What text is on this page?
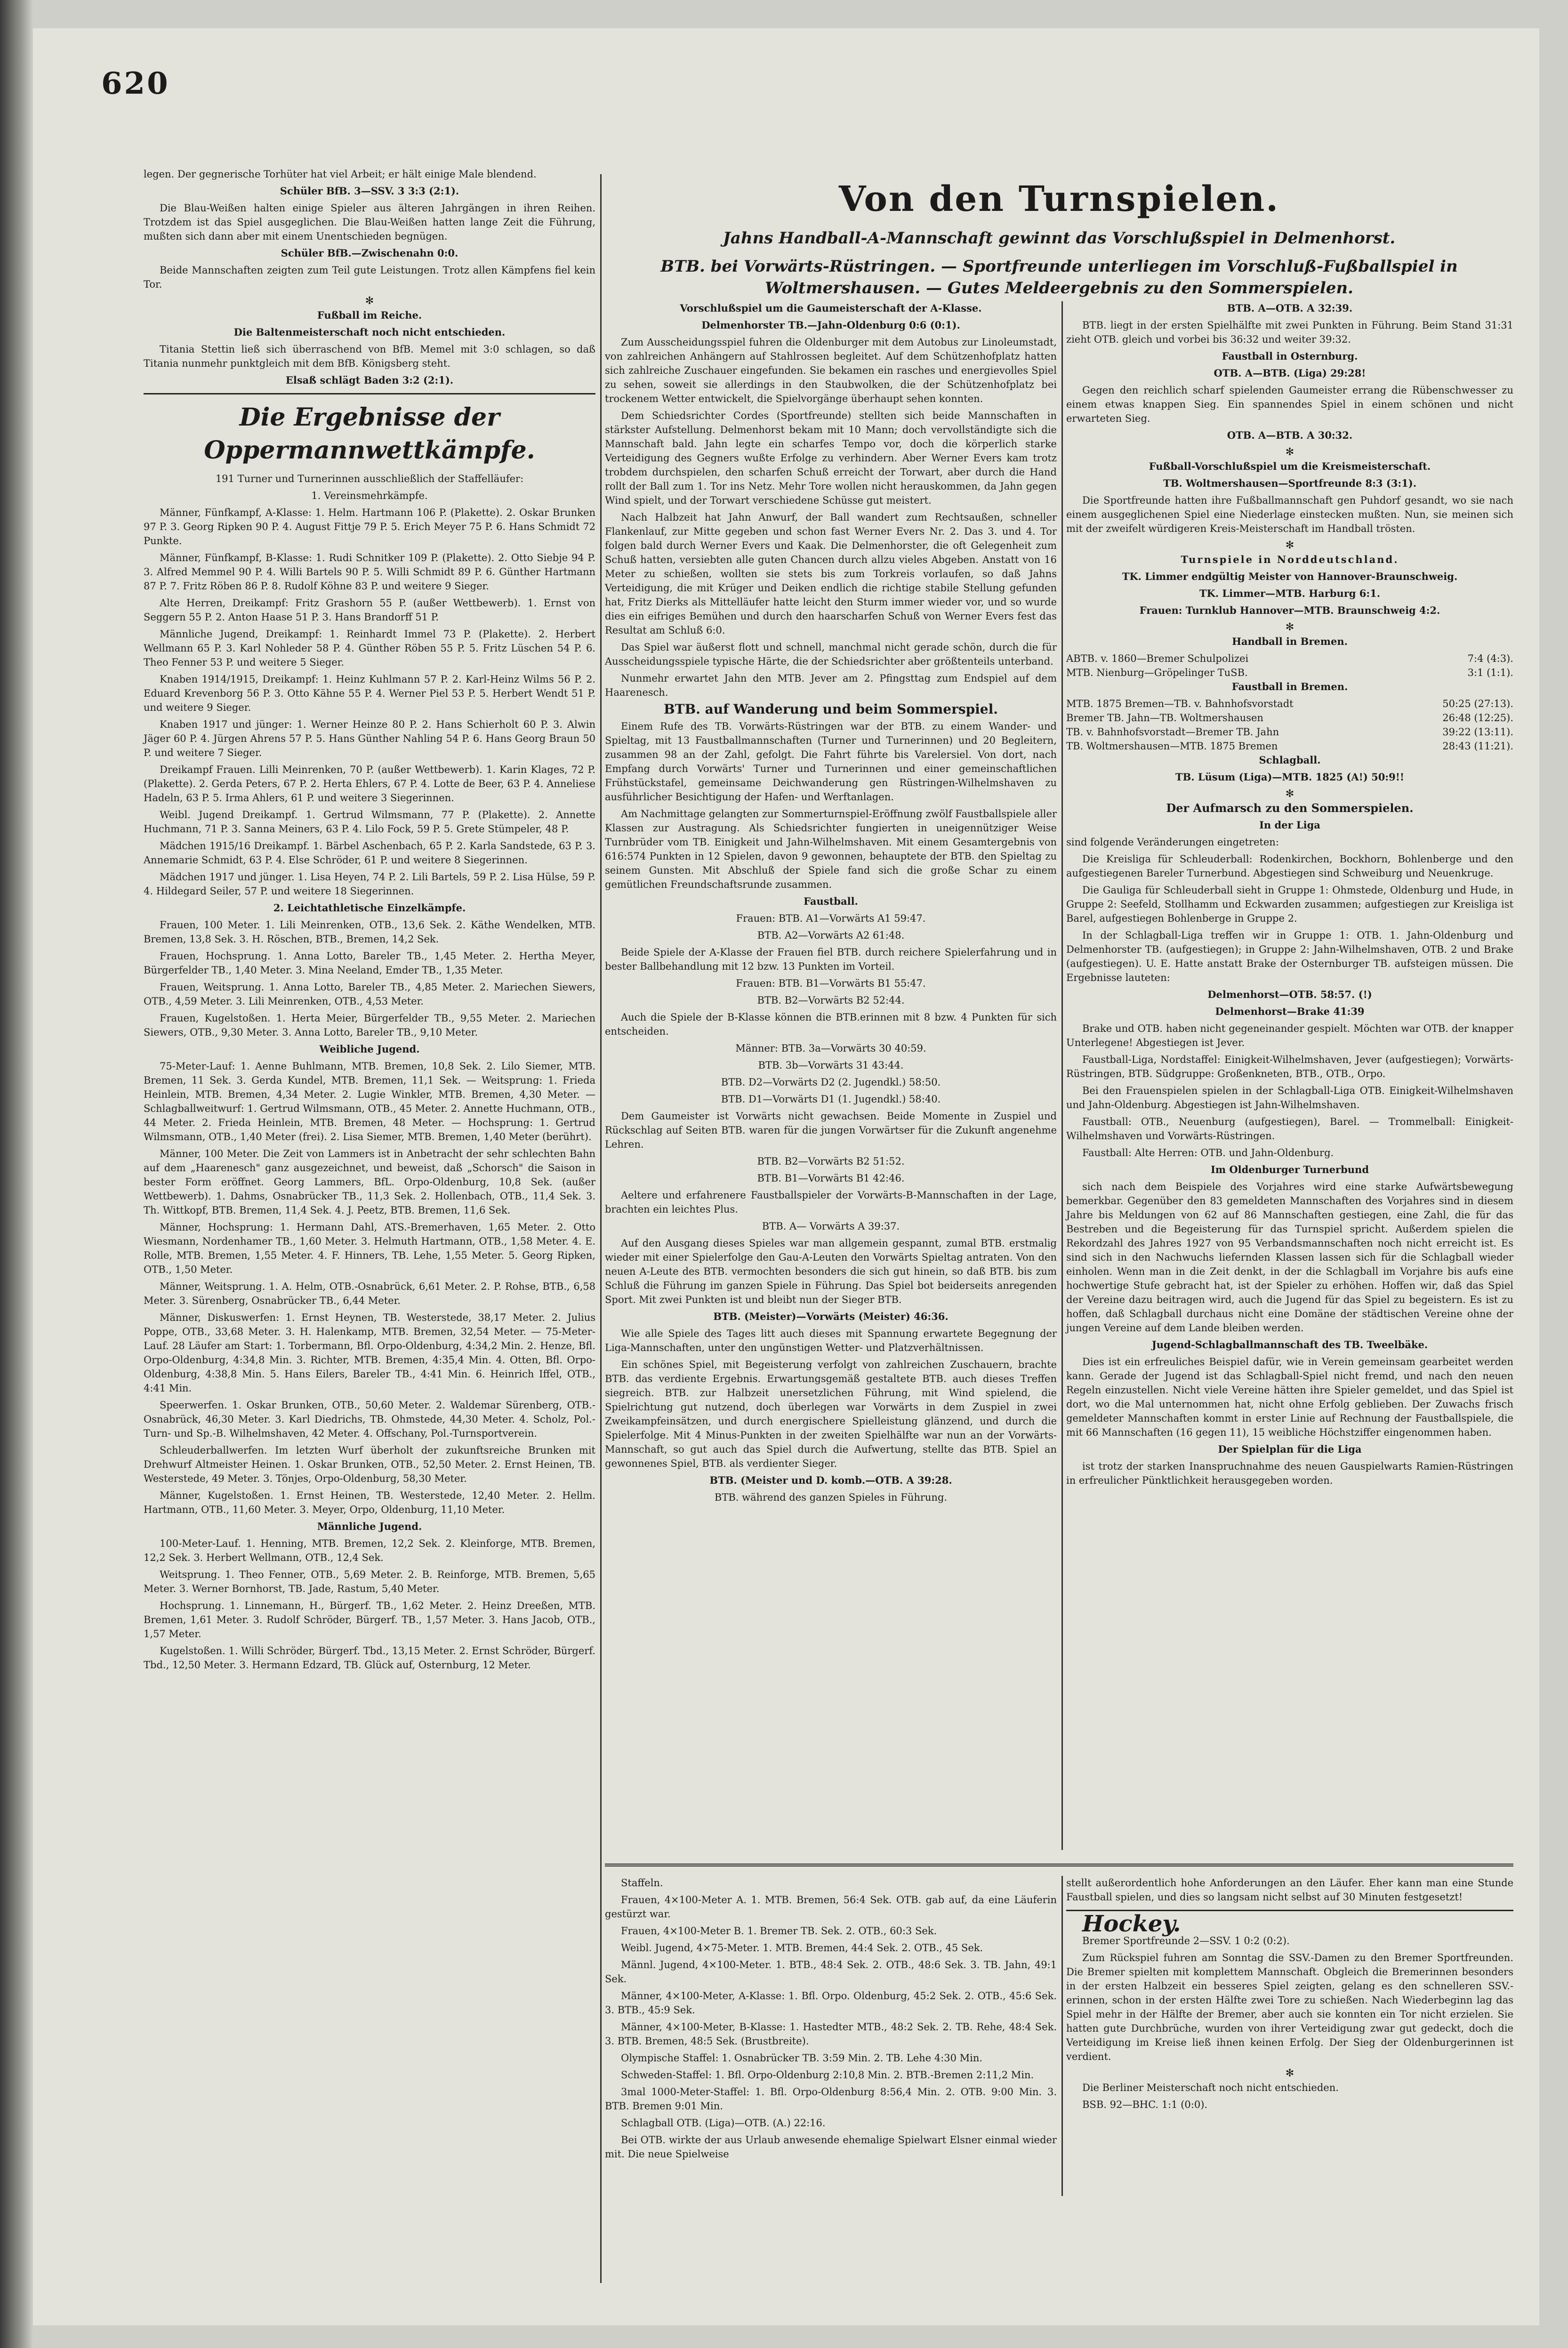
620

legen. Der gegnerische Torhüter hat viel Arbeit; er hält einige Male blendend.

Schüler BfB. 3—SSV. 3 3:3 (2:1).

Die Blau-Weißen halten einige Spieler aus älteren Jahrgängen in ihren Reihen. Trotzdem ist das Spiel ausgeglichen. Die Blau-Weißen hatten lange Zeit die Führung, mußten sich dann aber mit einem Unentschieden begnügen.

Schüler BfB.—Zwischenahn 0:0.

Beide Mannschaften zeigten zum Teil gute Leistungen. Trotz allen Kämpfens fiel kein Tor.

✻

Fußball im Reiche.

Die Baltenmeisterschaft noch nicht entschieden.

Titania Stettin ließ sich überraschend von BfB. Memel mit 3:0 schlagen, so daß Titania nunmehr punktgleich mit dem BfB. Königsberg steht.

Elsaß schlägt Baden 3:2 (2:1).

Die Ergebnisse der Oppermannwettkämpfe.

191 Turner und Turnerinnen ausschließlich der Staffelläufer:

1. Vereinsmehrkämpfe.

Männer, Fünfkampf, A-Klasse: 1. Helm. Hartmann 106 P. (Plakette). 2. Oskar Brunken 97 P. 3. Georg Ripken 90 P. 4. August Fittje 79 P. 5. Erich Meyer 75 P. 6. Hans Schmidt 72 Punkte.

Männer, Fünfkampf, B-Klasse: 1. Rudi Schnitker 109 P. (Plakette). 2. Otto Siebje 94 P. 3. Alfred Memmel 90 P. 4. Willi Bartels 90 P. 5. Willi Schmidt 89 P. 6. Günther Hartmann 87 P. 7. Fritz Röben 86 P. 8. Rudolf Köhne 83 P. und weitere 9 Sieger.

Alte Herren, Dreikampf: Fritz Grashorn 55 P. (außer Wettbewerb). 1. Ernst von Seggern 55 P. 2. Anton Haase 51 P. 3. Hans Brandorff 51 P.

Männliche Jugend, Dreikampf: 1. Reinhardt Immel 73 P. (Plakette). 2. Herbert Wellmann 65 P. 3. Karl Nohleder 58 P. 4. Günther Röben 55 P. 5. Fritz Lüschen 54 P. 6. Theo Fenner 53 P. und weitere 5 Sieger.

Knaben 1914/1915, Dreikampf: 1. Heinz Kuhlmann 57 P. 2. Karl-Heinz Wilms 56 P. 2. Eduard Krevenborg 56 P. 3. Otto Kähne 55 P. 4. Werner Piel 53 P. 5. Herbert Wendt 51 P. und weitere 9 Sieger.

Knaben 1917 und jünger: 1. Werner Heinze 80 P. 2. Hans Schierholt 60 P. 3. Alwin Jäger 60 P. 4. Jürgen Ahrens 57 P. 5. Hans Günther Nahling 54 P. 6. Hans Georg Braun 50 P. und weitere 7 Sieger.

Dreikampf Frauen. Lilli Meinrenken, 70 P. (außer Wettbewerb). 1. Karin Klages, 72 P. (Plakette). 2. Gerda Peters, 67 P. 2. Herta Ehlers, 67 P. 4. Lotte de Beer, 63 P. 4. Anneliese Hadeln, 63 P. 5. Irma Ahlers, 61 P. und weitere 3 Siegerinnen.

Weibl. Jugend Dreikampf. 1. Gertrud Wilmsmann, 77 P. (Plakette). 2. Annette Huchmann, 71 P. 3. Sanna Meiners, 63 P. 4. Lilo Fock, 59 P. 5. Grete Stümpeler, 48 P.

Mädchen 1915/16 Dreikampf. 1. Bärbel Aschenbach, 65 P. 2. Karla Sandstede, 63 P. 3. Annemarie Schmidt, 63 P. 4. Else Schröder, 61 P. und weitere 8 Siegerinnen.

Mädchen 1917 und jünger. 1. Lisa Heyen, 74 P. 2. Lili Bartels, 59 P. 2. Lisa Hülse, 59 P. 4. Hildegard Seiler, 57 P. und weitere 18 Siegerinnen.

2. Leichtathletische Einzelkämpfe.

Frauen, 100 Meter. 1. Lili Meinrenken, OTB., 13,6 Sek. 2. Käthe Wendelken, MTB. Bremen, 13,8 Sek. 3. H. Röschen, BTB., Bremen, 14,2 Sek.

Frauen, Hochsprung. 1. Anna Lotto, Bareler TB., 1,45 Meter. 2. Hertha Meyer, Bürgerfelder TB., 1,40 Meter. 3. Mina Neeland, Emder TB., 1,35 Meter.

Frauen, Weitsprung. 1. Anna Lotto, Bareler TB., 4,85 Meter. 2. Mariechen Siewers, OTB., 4,59 Meter. 3. Lili Meinrenken, OTB., 4,53 Meter.

Frauen, Kugelstoßen. 1. Herta Meier, Bürgerfelder TB., 9,55 Meter. 2. Mariechen Siewers, OTB., 9,30 Meter. 3. Anna Lotto, Bareler TB., 9,10 Meter.

Weibliche Jugend.

75-Meter-Lauf: 1. Aenne Buhlmann, MTB. Bremen, 10,8 Sek. 2. Lilo Siemer, MTB. Bremen, 11 Sek. 3. Gerda Kundel, MTB. Bremen, 11,1 Sek. — Weitsprung: 1. Frieda Heinlein, MTB. Bremen, 4,34 Meter. 2. Lugie Winkler, MTB. Bremen, 4,30 Meter. — Schlagballweitwurf: 1. Gertrud Wilmsmann, OTB., 45 Meter. 2. Annette Huchmann, OTB., 44 Meter. 2. Frieda Heinlein, MTB. Bremen, 48 Meter. — Hochsprung: 1. Gertrud Wilmsmann, OTB., 1,40 Meter (frei). 2. Lisa Siemer, MTB. Bremen, 1,40 Meter (berührt).

Männer, 100 Meter. Die Zeit von Lammers ist in Anbetracht der sehr schlechten Bahn auf dem „Haarenesch" ganz ausgezeichnet, und beweist, daß „Schorsch" die Saison in bester Form eröffnet. Georg Lammers, BfL. Orpo-Oldenburg, 10,8 Sek. (außer Wettbewerb). 1. Dahms, Osnabrücker TB., 11,3 Sek. 2. Hollenbach, OTB., 11,4 Sek. 3. Th. Wittkopf, BTB. Bremen, 11,4 Sek. 4. J. Peetz, BTB. Bremen, 11,6 Sek.

Männer, Hochsprung: 1. Hermann Dahl, ATS.-Bremerhaven, 1,65 Meter. 2. Otto Wiesmann, Nordenhamer TB., 1,60 Meter. 3. Helmuth Hartmann, OTB., 1,58 Meter. 4. E. Rolle, MTB. Bremen, 1,55 Meter. 4. F. Hinners, TB. Lehe, 1,55 Meter. 5. Georg Ripken, OTB., 1,50 Meter.

Männer, Weitsprung. 1. A. Helm, OTB.-Osnabrück, 6,61 Meter. 2. P. Rohse, BTB., 6,58 Meter. 3. Sürenberg, Osnabrücker TB., 6,44 Meter.

Männer, Diskuswerfen: 1. Ernst Heynen, TB. Westerstede, 38,17 Meter. 2. Julius Poppe, OTB., 33,68 Meter. 3. H. Halenkamp, MTB. Bremen, 32,54 Meter. — 75-Meter-Lauf. 28 Läufer am Start: 1. Torbermann, Bfl. Orpo-Oldenburg, 4:34,2 Min. 2. Henze, Bfl. Orpo-Oldenburg, 4:34,8 Min. 3. Richter, MTB. Bremen, 4:35,4 Min. 4. Otten, Bfl. Orpo-Oldenburg, 4:38,8 Min. 5. Hans Eilers, Bareler TB., 4:41 Min. 6. Heinrich Iffel, OTB., 4:41 Min.

Speerwerfen. 1. Oskar Brunken, OTB., 50,60 Meter. 2. Waldemar Sürenberg, OTB.-Osnabrück, 46,30 Meter. 3. Karl Diedrichs, TB. Ohmstede, 44,30 Meter. 4. Scholz, Pol.-Turn- und Sp.-B. Wilhelmshaven, 42 Meter. 4. Offschany, Pol.-Turnsportverein.

Schleuderballwerfen. Im letzten Wurf überholt der zukunftsreiche Brunken mit Drehwurf Altmeister Heinen. 1. Oskar Brunken, OTB., 52,50 Meter. 2. Ernst Heinen, TB. Westerstede, 49 Meter. 3. Tönjes, Orpo-Oldenburg, 58,30 Meter.

Männer, Kugelstoßen. 1. Ernst Heinen, TB. Westerstede, 12,40 Meter. 2. Hellm. Hartmann, OTB., 11,60 Meter. 3. Meyer, Orpo, Oldenburg, 11,10 Meter.

Männliche Jugend.

100-Meter-Lauf. 1. Henning, MTB. Bremen, 12,2 Sek. 2. Kleinforge, MTB. Bremen, 12,2 Sek. 3. Herbert Wellmann, OTB., 12,4 Sek.

Weitsprung. 1. Theo Fenner, OTB., 5,69 Meter. 2. B. Reinforge, MTB. Bremen, 5,65 Meter. 3. Werner Bornhorst, TB. Jade, Rastum, 5,40 Meter.

Hochsprung. 1. Linnemann, H., Bürgerf. TB., 1,62 Meter. 2. Heinz Dreeßen, MTB. Bremen, 1,61 Meter. 3. Rudolf Schröder, Bürgerf. TB., 1,57 Meter. 3. Hans Jacob, OTB., 1,57 Meter.

Kugelstoßen. 1. Willi Schröder, Bürgerf. Tbd., 13,15 Meter. 2. Ernst Schröder, Bürgerf. Tbd., 12,50 Meter. 3. Hermann Edzard, TB. Glück auf, Osternburg, 12 Meter.

Von den Turnspielen.
Jahns Handball-A-Mannschaft gewinnt das Vorschlußspiel in Delmenhorst.
BTB. bei Vorwärts-Rüstringen. — Sportfreunde unterliegen im Vorschluß-Fußballspiel in Woltmershausen. — Gutes Meldeergebnis zu den Sommerspielen.

Vorschlußspiel um die Gaumeisterschaft der A-Klasse.

Delmenhorster TB.—Jahn-Oldenburg 0:6 (0:1).

Zum Ausscheidungsspiel fuhren die Oldenburger mit dem Autobus zur Linoleumstadt, von zahlreichen Anhängern auf Stahlrossen begleitet. Auf dem Schützenhofplatz hatten sich zahlreiche Zuschauer eingefunden. Sie bekamen ein rasches und energievolles Spiel zu sehen, soweit sie allerdings in den Staubwolken, die der Schützenhofplatz bei trockenem Wetter entwickelt, die Spielvorgänge überhaupt sehen konnten.

Dem Schiedsrichter Cordes (Sportfreunde) stellten sich beide Mannschaften in stärkster Aufstellung. Delmenhorst bekam mit 10 Mann; doch vervollständigte sich die Mannschaft bald. Jahn legte ein scharfes Tempo vor, doch die körperlich starke Verteidigung des Gegners wußte Erfolge zu verhindern. Aber Werner Evers kam trotz trobdem durchspielen, den scharfen Schuß erreicht der Torwart, aber durch die Hand rollt der Ball zum 1. Tor ins Netz. Mehr Tore wollen nicht herauskommen, da Jahn gegen Wind spielt, und der Torwart verschiedene Schüsse gut meistert.

Nach Halbzeit hat Jahn Anwurf, der Ball wandert zum Rechtsaußen, schneller Flankenlauf, zur Mitte gegeben und schon fast Werner Evers Nr. 2. Das 3. und 4. Tor folgen bald durch Werner Evers und Kaak. Die Delmenhorster, die oft Gelegenheit zum Schuß hatten, versiebten alle guten Chancen durch allzu vieles Abgeben. Anstatt von 16 Meter zu schießen, wollten sie stets bis zum Torkreis vorlaufen, so daß Jahns Verteidigung, die mit Krüger und Deiken endlich die richtige stabile Stellung gefunden hat, Fritz Dierks als Mittelläufer hatte leicht den Sturm immer wieder vor, und so wurde dies ein eifriges Bemühen und durch den haarscharfen Schuß von Werner Evers fest das Resultat am Schluß 6:0.

Das Spiel war äußerst flott und schnell, manchmal nicht gerade schön, durch die für Ausscheidungsspiele typische Härte, die der Schiedsrichter aber größtenteils unterband.

Nunmehr erwartet Jahn den MTB. Jever am 2. Pfingsttag zum Endspiel auf dem Haarenesch.

BTB. auf Wanderung und beim Sommerspiel.

Einem Rufe des TB. Vorwärts-Rüstringen war der BTB. zu einem Wander- und Spieltag, mit 13 Faustballmannschaften (Turner und Turnerinnen) und 20 Begleitern, zusammen 98 an der Zahl, gefolgt. Die Fahrt führte bis Varelersiel. Von dort, nach Empfang durch Vorwärts' Turner und Turnerinnen und einer gemeinschaftlichen Frühstückstafel, gemeinsame Deichwanderung gen Rüstringen-Wilhelmshaven zu ausführlicher Besichtigung der Hafen- und Werftanlagen.

Am Nachmittage gelangten zur Sommerturnspiel-Eröffnung zwölf Faustballspiele aller Klassen zur Austragung. Als Schiedsrichter fungierten in uneigennütziger Weise Turnbrüder vom TB. Einigkeit und Jahn-Wilhelmshaven. Mit einem Gesamtergebnis von 616:574 Punkten in 12 Spielen, davon 9 gewonnen, behauptete der BTB. den Spieltag zu seinem Gunsten. Mit Abschluß der Spiele fand sich die große Schar zu einem gemütlichen Freundschaftsrunde zusammen.

Faustball.

Frauen: BTB. A1—Vorwärts A1 59:47.

BTB. A2—Vorwärts A2 61:48.

Beide Spiele der A-Klasse der Frauen fiel BTB. durch reichere Spielerfahrung und in bester Ballbehandlung mit 12 bzw. 13 Punkten im Vorteil.

Frauen: BTB. B1—Vorwärts B1 55:47.

BTB. B2—Vorwärts B2 52:44.

Auch die Spiele der B-Klasse können die BTB.erinnen mit 8 bzw. 4 Punkten für sich entscheiden.

Männer: BTB. 3a—Vorwärts 30 40:59.

BTB. 3b—Vorwärts 31 43:44.

BTB. D2—Vorwärts D2 (2. Jugendkl.) 58:50.

BTB. D1—Vorwärts D1 (1. Jugendkl.) 58:40.

Dem Gaumeister ist Vorwärts nicht gewachsen. Beide Momente in Zuspiel und Rückschlag auf Seiten BTB. waren für die jungen Vorwärtser für die Zukunft angenehme Lehren.

BTB. B2—Vorwärts B2 51:52.

BTB. B1—Vorwärts B1 42:46.

Aeltere und erfahrenere Faustballspieler der Vorwärts-B-Mannschaften in der Lage, brachten ein leichtes Plus.

BTB. A— Vorwärts A 39:37.

Auf den Ausgang dieses Spieles war man allgemein gespannt, zumal BTB. erstmalig wieder mit einer Spielerfolge den Gau-A-Leuten den Vorwärts Spieltag antraten. Von den neuen A-Leute des BTB. vermochten besonders die sich gut hinein, so daß BTB. bis zum Schluß die Führung im ganzen Spiele in Führung. Das Spiel bot beiderseits anregenden Sport. Mit zwei Punkten ist und bleibt nun der Sieger BTB.

BTB. (Meister)—Vorwärts (Meister) 46:36.

Wie alle Spiele des Tages litt auch dieses mit Spannung erwartete Begegnung der Liga-Mannschaften, unter den ungünstigen Wetter- und Platzverhältnissen.

Ein schönes Spiel, mit Begeisterung verfolgt von zahlreichen Zuschauern, brachte BTB. das verdiente Ergebnis. Erwartungsgemäß gestaltete BTB. auch dieses Treffen siegreich. BTB. zur Halbzeit unersetzlichen Führung, mit Wind spielend, die Spielrichtung gut nutzend, doch überlegen war Vorwärts in dem Zuspiel in zwei Zweikampfeinsätzen, und durch energischere Spielleistung glänzend, und durch die Spielerfolge. Mit 4 Minus-Punkten in der zweiten Spielhälfte war nun an der Vorwärts-Mannschaft, so gut auch das Spiel durch die Aufwertung, stellte das BTB. Spiel an gewonnenes Spiel, BTB. als verdienter Sieger.

BTB. (Meister und D. komb.—OTB. A 39:28.

BTB. während des ganzen Spieles in Führung.

BTB. A—OTB. A 32:39.

BTB. liegt in der ersten Spielhälfte mit zwei Punkten in Führung. Beim Stand 31:31 zieht OTB. gleich und vorbei bis 36:32 und weiter 39:32.

Faustball in Osternburg.

OTB. A—BTB. (Liga) 29:28!

Gegen den reichlich scharf spielenden Gaumeister errang die Rübenschwesser zu einem etwas knappen Sieg. Ein spannendes Spiel in einem schönen und nicht erwarteten Sieg.

OTB. A—BTB. A 30:32.

✻

Fußball-Vorschlußspiel um die Kreismeisterschaft.

TB. Woltmershausen—Sportfreunde 8:3 (3:1).

Die Sportfreunde hatten ihre Fußballmannschaft gen Puhdorf gesandt, wo sie nach einem ausgeglichenen Spiel eine Niederlage einstecken mußten. Nun, sie meinen sich mit der zweifelt würdigeren Kreis-Meisterschaft im Handball trösten.

✻

Turnspiele in Norddeutschland.

TK. Limmer endgültig Meister von Hannover-Braunschweig.

TK. Limmer—MTB. Harburg 6:1.

Frauen: Turnklub Hannover—MTB. Braunschweig 4:2.

✻

Handball in Bremen.

ABTB. v. 1860—Bremer Schulpolizei	7:4 (4:3).
MTB. Nienburg—Gröpelinger TuSB.	3:1 (1:1).

Faustball in Bremen.

MTB. 1875 Bremen—TB. v. Bahnhofsvorstadt	50:25 (27:13).
Bremer TB. Jahn—TB. Woltmershausen	26:48 (12:25).
TB. v. Bahnhofsvorstadt—Bremer TB. Jahn	39:22 (13:11).
TB. Woltmershausen—MTB. 1875 Bremen	28:43 (11:21).

Schlagball.

TB. Lüsum (Liga)—MTB. 1825 (A!) 50:9!!

✻

Der Aufmarsch zu den Sommerspielen.

In der Liga

sind folgende Veränderungen eingetreten:

Die Kreisliga für Schleuderball: Rodenkirchen, Bockhorn, Bohlenberge und den aufgestiegenen Bareler Turnerbund. Abgestiegen sind Schweiburg und Neuenkruge.

Die Gauliga für Schleuderball sieht in Gruppe 1: Ohmstede, Oldenburg und Hude, in Gruppe 2: Seefeld, Stollhamm und Eckwarden zusammen; aufgestiegen zur Kreisliga ist Barel, aufgestiegen Bohlenberge in Gruppe 2.

In der Schlagball-Liga treffen wir in Gruppe 1: OTB. 1. Jahn-Oldenburg und Delmenhorster TB. (aufgestiegen); in Gruppe 2: Jahn-Wilhelmshaven, OTB. 2 und Brake (aufgestiegen). U. E. Hatte anstatt Brake der Osternburger TB. aufsteigen müssen. Die Ergebnisse lauteten:

Delmenhorst—OTB. 58:57. (!)

Delmenhorst—Brake 41:39

Brake und OTB. haben nicht gegeneinander gespielt. Möchten war OTB. der knapper Unterlegene! Abgestiegen ist Jever.

Faustball-Liga, Nordstaffel: Einigkeit-Wilhelmshaven, Jever (aufgestiegen); Vorwärts-Rüstringen, BTB. Südgruppe: Großenkneten, BTB., OTB., Orpo.

Bei den Frauenspielen spielen in der Schlagball-Liga OTB. Einigkeit-Wilhelmshaven und Jahn-Oldenburg. Abgestiegen ist Jahn-Wilhelmshaven.

Faustball: OTB., Neuenburg (aufgestiegen), Barel. — Trommelball: Einigkeit-Wilhelmshaven und Vorwärts-Rüstringen.

Faustball: Alte Herren: OTB. und Jahn-Oldenburg.

Im Oldenburger Turnerbund

sich nach dem Beispiele des Vorjahres wird eine starke Aufwärtsbewegung bemerkbar. Gegenüber den 83 gemeldeten Mannschaften des Vorjahres sind in diesem Jahre bis Meldungen von 62 auf 86 Mannschaften gestiegen, eine Zahl, die für das Bestreben und die Begeisterung für das Turnspiel spricht. Außerdem spielen die Rekordzahl des Jahres 1927 von 95 Verbandsmannschaften noch nicht erreicht ist. Es sind sich in den Nachwuchs liefernden Klassen lassen sich für die Schlagball wieder einholen. Wenn man in die Zeit denkt, in der die Schlagball im Vorjahre bis aufs eine hochwertige Stufe gebracht hat, ist der Spieler zu erhöhen. Hoffen wir, daß das Spiel der Vereine dazu beitragen wird, auch die Jugend für das Spiel zu begeistern. Es ist zu hoffen, daß Schlagball durchaus nicht eine Domäne der städtischen Vereine ohne der jungen Vereine auf dem Lande bleiben werden.

Jugend-Schlagballmannschaft des TB. Tweelbäke.

Dies ist ein erfreuliches Beispiel dafür, wie in Verein gemeinsam gearbeitet werden kann. Gerade der Jugend ist das Schlagball-Spiel nicht fremd, und nach den neuen Regeln einzustellen. Nicht viele Vereine hätten ihre Spieler gemeldet, und das Spiel ist dort, wo die Mal unternommen hat, nicht ohne Erfolg geblieben. Der Zuwachs frisch gemeldeter Mannschaften kommt in erster Linie auf Rechnung der Faustballspiele, die mit 66 Mannschaften (16 gegen 11), 15 weibliche Höchstziffer eingenommen haben.

Der Spielplan für die Liga

ist trotz der starken Inanspruchnahme des neuen Gauspielwarts Ramien-Rüstringen in erfreulicher Pünktlichkeit herausgegeben worden.

Staffeln.

Frauen, 4×100-Meter A. 1. MTB. Bremen, 56:4 Sek. OTB. gab auf, da eine Läuferin gestürzt war.

Frauen, 4×100-Meter B. 1. Bremer TB. Sek. 2. OTB., 60:3 Sek.

Weibl. Jugend, 4×75-Meter. 1. MTB. Bremen, 44:4 Sek. 2. OTB., 45 Sek.

Männl. Jugend, 4×100-Meter. 1. BTB., 48:4 Sek. 2. OTB., 48:6 Sek. 3. TB. Jahn, 49:1 Sek.

Männer, 4×100-Meter, A-Klasse: 1. Bfl. Orpo. Oldenburg, 45:2 Sek. 2. OTB., 45:6 Sek. 3. BTB., 45:9 Sek.

Männer, 4×100-Meter, B-Klasse: 1. Hastedter MTB., 48:2 Sek. 2. TB. Rehe, 48:4 Sek. 3. BTB. Bremen, 48:5 Sek. (Brustbreite).

Olympische Staffel: 1. Osnabrücker TB. 3:59 Min. 2. TB. Lehe 4:30 Min.

Schweden-Staffel: 1. Bfl. Orpo-Oldenburg 2:10,8 Min. 2. BTB.-Bremen 2:11,2 Min.

3mal 1000-Meter-Staffel: 1. Bfl. Orpo-Oldenburg 8:56,4 Min. 2. OTB. 9:00 Min. 3. BTB. Bremen 9:01 Min.

Schlagball OTB. (Liga)—OTB. (A.) 22:16.

Bei OTB. wirkte der aus Urlaub anwesende ehemalige Spielwart Elsner einmal wieder mit. Die neue Spielweise

stellt außerordentlich hohe Anforderungen an den Läufer. Eher kann man eine Stunde Faustball spielen, und dies so langsam nicht selbst auf 30 Minuten festgesetzt!

Hockey.

Bremer Sportfreunde 2—SSV. 1 0:2 (0:2).

Zum Rückspiel fuhren am Sonntag die SSV.-Damen zu den Bremer Sportfreunden. Die Bremer spielten mit komplettem Mannschaft. Obgleich die Bremerinnen besonders in der ersten Halbzeit ein besseres Spiel zeigten, gelang es den schnelleren SSV.-erinnen, schon in der ersten Hälfte zwei Tore zu schießen. Nach Wiederbeginn lag das Spiel mehr in der Hälfte der Bremer, aber auch sie konnten ein Tor nicht erzielen. Sie hatten gute Durchbrüche, wurden von ihrer Verteidigung zwar gut gedeckt, doch die Verteidigung im Kreise ließ ihnen keinen Erfolg. Der Sieg der Oldenburgerinnen ist verdient.

✻

Die Berliner Meisterschaft noch nicht entschieden.

BSB. 92—BHC. 1:1 (0:0).
